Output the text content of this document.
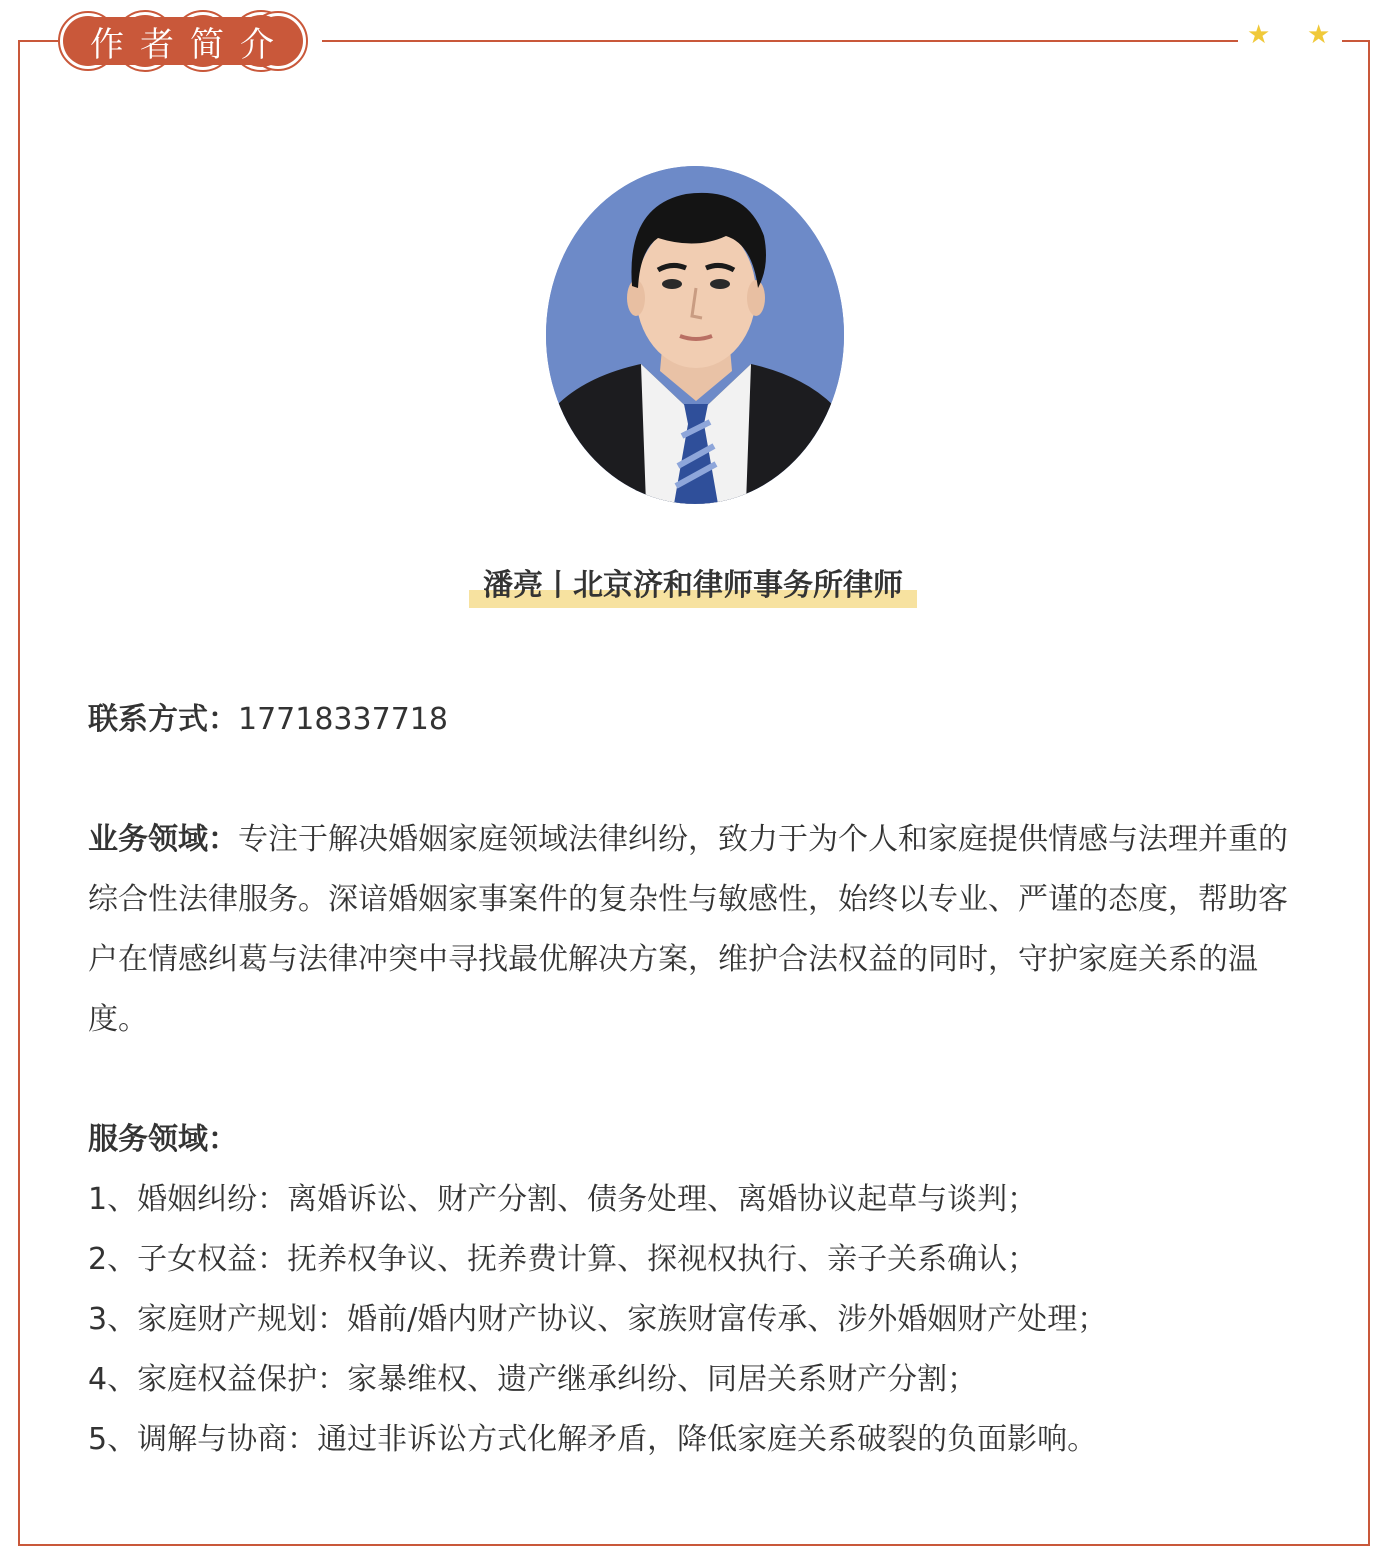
★ ★
作者简介
潘亮丨北京济和律师事务所律师

联系方式：17718337718

业务领域：专注于解决婚姻家庭领域法律纠纷，致力于为个人和家庭提供情感与法理并重的综合性法律服务。深谙婚姻家事案件的复杂性与敏感性，始终以专业、严谨的态度，帮助客户在情感纠葛与法律冲突中寻找最优解决方案，维护合法权益的同时，守护家庭关系的温度。

服务领域：

1、婚姻纠纷：离婚诉讼、财产分割、债务处理、离婚协议起草与谈判；

2、子女权益：抚养权争议、抚养费计算、探视权执行、亲子关系确认；

3、家庭财产规划：婚前/婚内财产协议、家族财富传承、涉外婚姻财产处理；

4、家庭权益保护：家暴维权、遗产继承纠纷、同居关系财产分割；

5、调解与协商：通过非诉讼方式化解矛盾，降低家庭关系破裂的负面影响。
